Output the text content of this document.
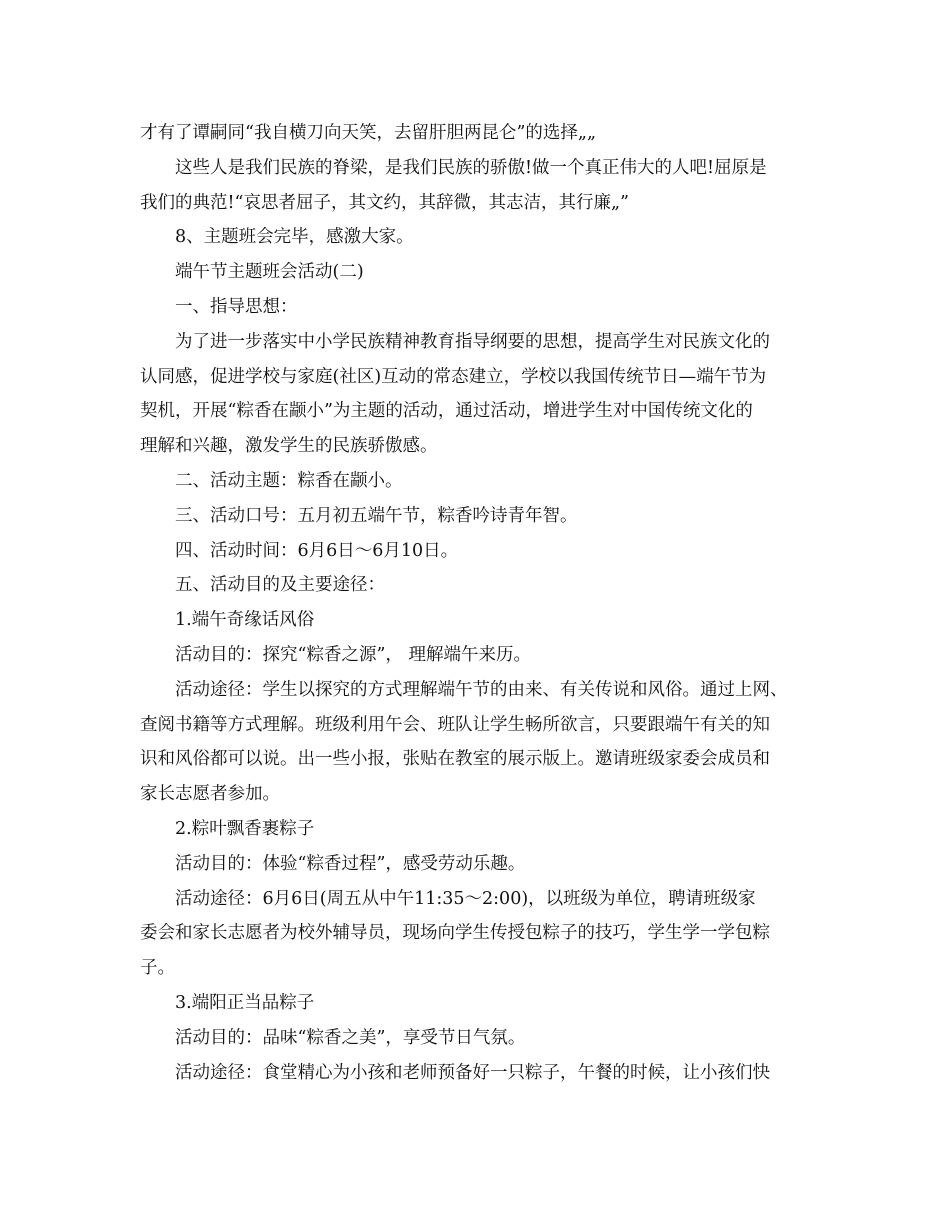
才有了谭嗣同“我自横刀向天笑，去留肝胆两昆仑”的选择„„
这些人是我们民族的脊梁，是我们民族的骄傲!做一个真正伟大的人吧!屈原是
我们的典范!“哀思者屈子，其文约，其辞微，其志洁，其行廉„”
8、主题班会完毕，感激大家。
端午节主题班会活动(二)
一、指导思想：
为了进一步落实中小学民族精神教育指导纲要的思想，提高学生对民族文化的
认同感，促进学校与家庭(社区)互动的常态建立，学校以我国传统节日—端午节为
契机，开展“粽香在颛小”为主题的活动，通过活动，增进学生对中国传统文化的
理解和兴趣，激发学生的民族骄傲感。
二、活动主题：粽香在颛小。
三、活动口号：五月初五端午节，粽香吟诗青年智。
四、活动时间：6月6日～6月10日。
五、活动目的及主要途径：
1.端午奇缘话风俗
活动目的：探究“粽香之源”， 理解端午来历。
活动途径：学生以探究的方式理解端午节的由来、有关传说和风俗。通过上网、
查阅书籍等方式理解。班级利用午会、班队让学生畅所欲言，只要跟端午有关的知
识和风俗都可以说。出一些小报，张贴在教室的展示版上。邀请班级家委会成员和
家长志愿者参加。
2.粽叶飘香裹粽子
活动目的：体验“粽香过程”，感受劳动乐趣。
活动途径：6月6日(周五从中午11:35～2:00)，以班级为单位，聘请班级家
委会和家长志愿者为校外辅导员，现场向学生传授包粽子的技巧，学生学一学包粽
子。
3.端阳正当品粽子
活动目的：品味“粽香之美”，享受节日气氛。
活动途径：食堂精心为小孩和老师预备好一只粽子，午餐的时候，让小孩们快
